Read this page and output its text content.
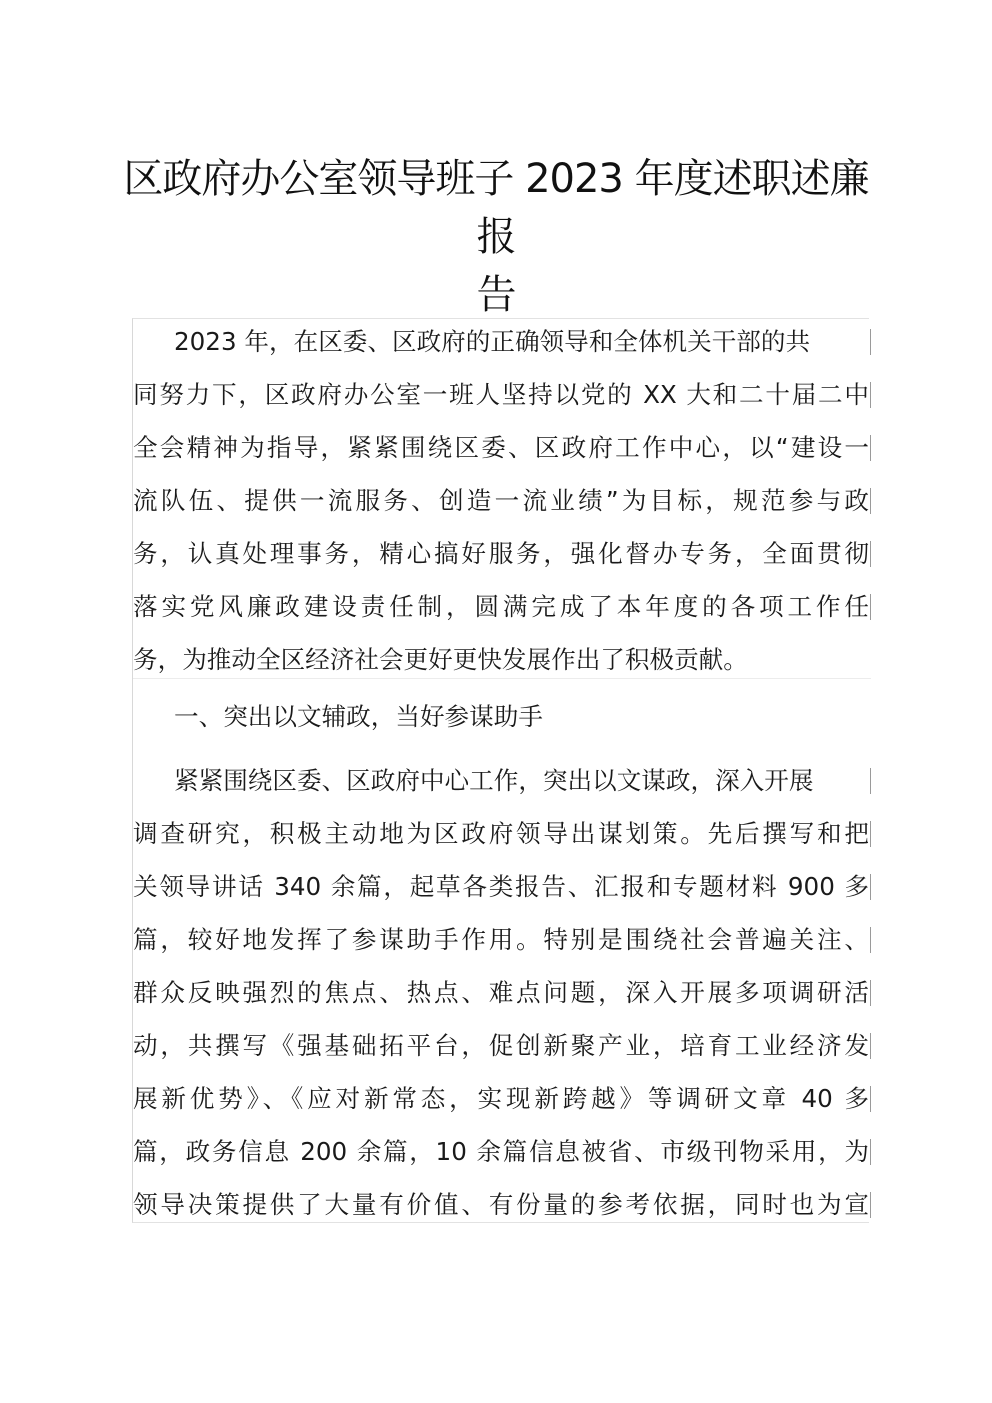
区政府办公室领导班子 2023 年度述职述廉报
告
2023 年，在区委、区政府的正确领导和全体机关干部的共
同努力下，区政府办公室一班人坚持以党的 XX 大和二十届二中
全会精神为指导，紧紧围绕区委、区政府工作中心，以“建设一
流队伍、提供一流服务、创造一流业绩”为目标，规范参与政
务，认真处理事务，精心搞好服务，强化督办专务，全面贯彻
落实党风廉政建设责任制，圆满完成了本年度的各项工作任
务，为推动全区经济社会更好更快发展作出了积极贡献。
一、突出以文辅政，当好参谋助手
紧紧围绕区委、区政府中心工作，突出以文谋政，深入开展
调查研究，积极主动地为区政府领导出谋划策。先后撰写和把
关领导讲话 340 余篇，起草各类报告、汇报和专题材料 900 多
篇，较好地发挥了参谋助手作用。特别是围绕社会普遍关注、
群众反映强烈的焦点、热点、难点问题，深入开展多项调研活
动，共撰写《强基础拓平台，促创新聚产业，培育工业经济发
展新优势》、《应对新常态，实现新跨越》等调研文章 40 多
篇，政务信息 200 余篇，10 余篇信息被省、市级刊物采用，为
领导决策提供了大量有价值、有份量的参考依据，同时也为宣
